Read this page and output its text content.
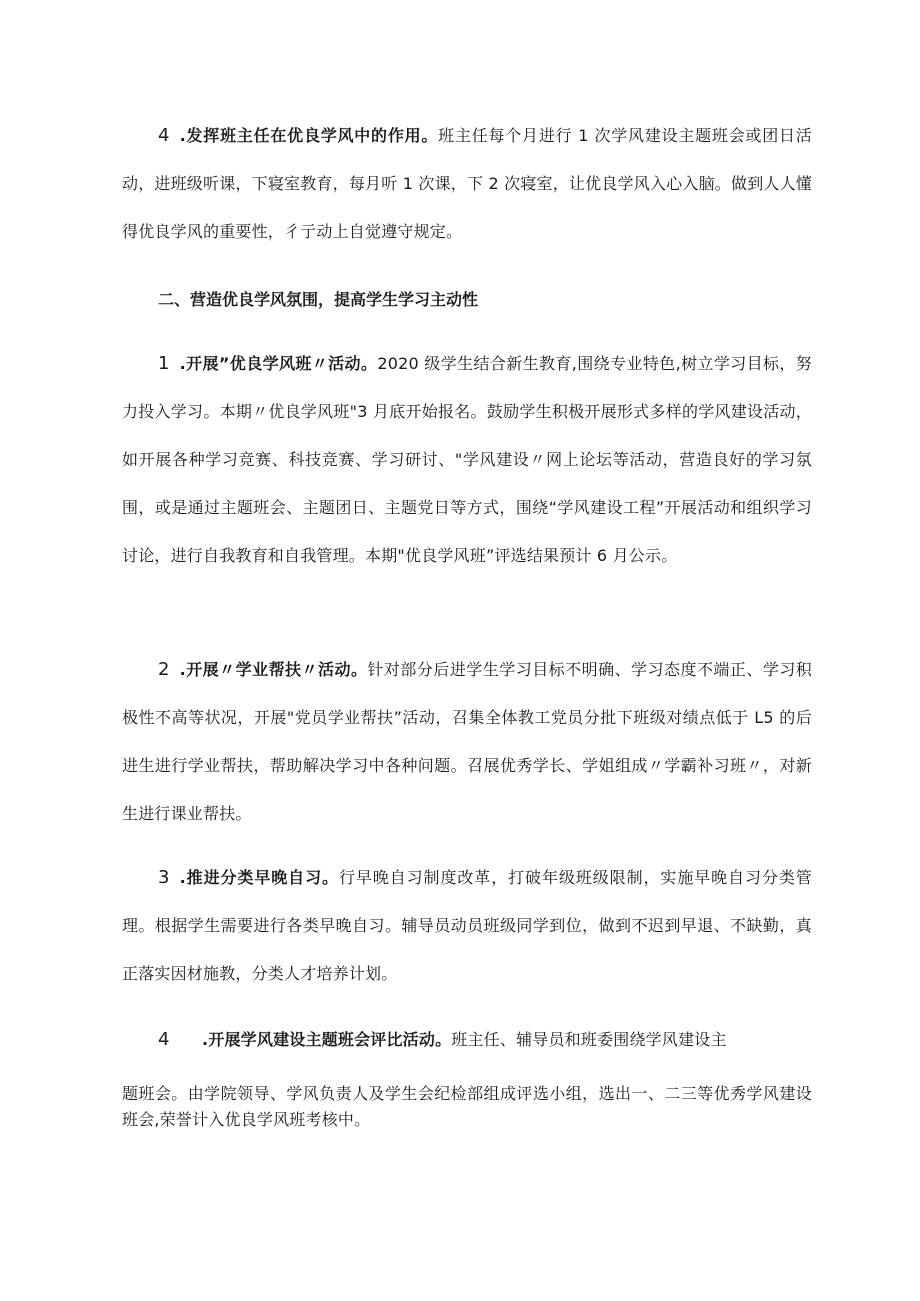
4 .发挥班主任在优良学风中的作用。班主任每个月进行 1 次学风建设主题班会或团日活动，进班级听课，下寝室教育，每月听 1 次课，下 2 次寝室，让优良学风入心入脑。做到人人懂得优良学风的重要性，彳亍动上自觉遵守规定。

二、营造优良学风氛围，提高学生学习主动性

1 .开展”优良学风班〃活动。2020 级学生结合新生教育,围绕专业特色,树立学习目标，努力投入学习。本期〃优良学风班"3 月底开始报名。鼓励学生积极开展形式多样的学风建设活动，如开展各种学习竞赛、科技竞赛、学习研讨、"学风建设〃网上论坛等活动，营造良好的学习氛围，或是通过主题班会、主题团日、主题党日等方式，围绕“学风建设工程”开展活动和组织学习讨论，进行自我教育和自我管理。本期"优良学风班”评选结果预计 6 月公示。

2 .开展〃学业帮扶〃活动。针对部分后进学生学习目标不明确、学习态度不端正、学习积极性不高等状况，开展"党员学业帮扶”活动，召集全体教工党员分批下班级对绩点低于 L5 的后进生进行学业帮扶，帮助解决学习中各种问题。召展优秀学长、学姐组成〃学霸补习班〃，对新生进行课业帮扶。

3 .推进分类早晚自习。行早晚自习制度改革，打破年级班级限制，实施早晚自习分类管理。根据学生需要进行各类早晚自习。辅导员动员班级同学到位，做到不迟到早退、不缺勤，真正落实因材施教，分类人才培养计划。

4 .开展学风建设主题班会评比活动。班主任、辅导员和班委围绕学风建设主

题班会。由学院领导、学风负责人及学生会纪检部组成评选小组，选出一、二三等优秀学风建设班会,荣誉计入优良学风班考核中。
